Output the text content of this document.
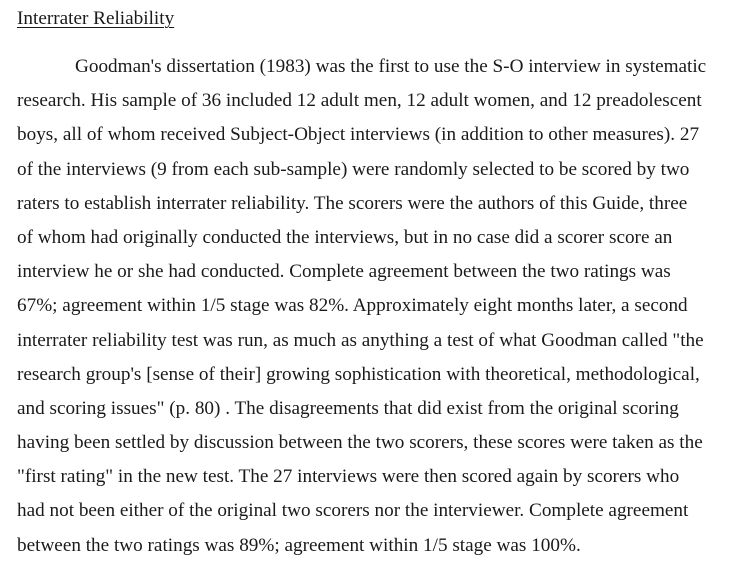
Interrater Reliability
Goodman's dissertation (1983) was the first to use the S-O interview in systematic
research. His sample of 36 included 12 adult men, 12 adult women, and 12 preadolescent
boys, all of whom received Subject-Object interviews (in addition to other measures). 27
of the interviews (9 from each sub-sample) were randomly selected to be scored by two
raters to establish interrater reliability. The scorers were the authors of this Guide, three
of whom had originally conducted the interviews, but in no case did a scorer score an
interview he or she had conducted. Complete agreement between the two ratings was
67%; agreement within 1/5 stage was 82%. Approximately eight months later, a second
interrater reliability test was run, as much as anything a test of what Goodman called "the
research group's [sense of their] growing sophistication with theoretical, methodological,
and scoring issues" (p. 80) . The disagreements that did exist from the original scoring
having been settled by discussion between the two scorers, these scores were taken as the
"first rating" in the new test. The 27 interviews were then scored again by scorers who
had not been either of the original two scorers nor the interviewer. Complete agreement
between the two ratings was 89%; agreement within 1/5 stage was 100%.
